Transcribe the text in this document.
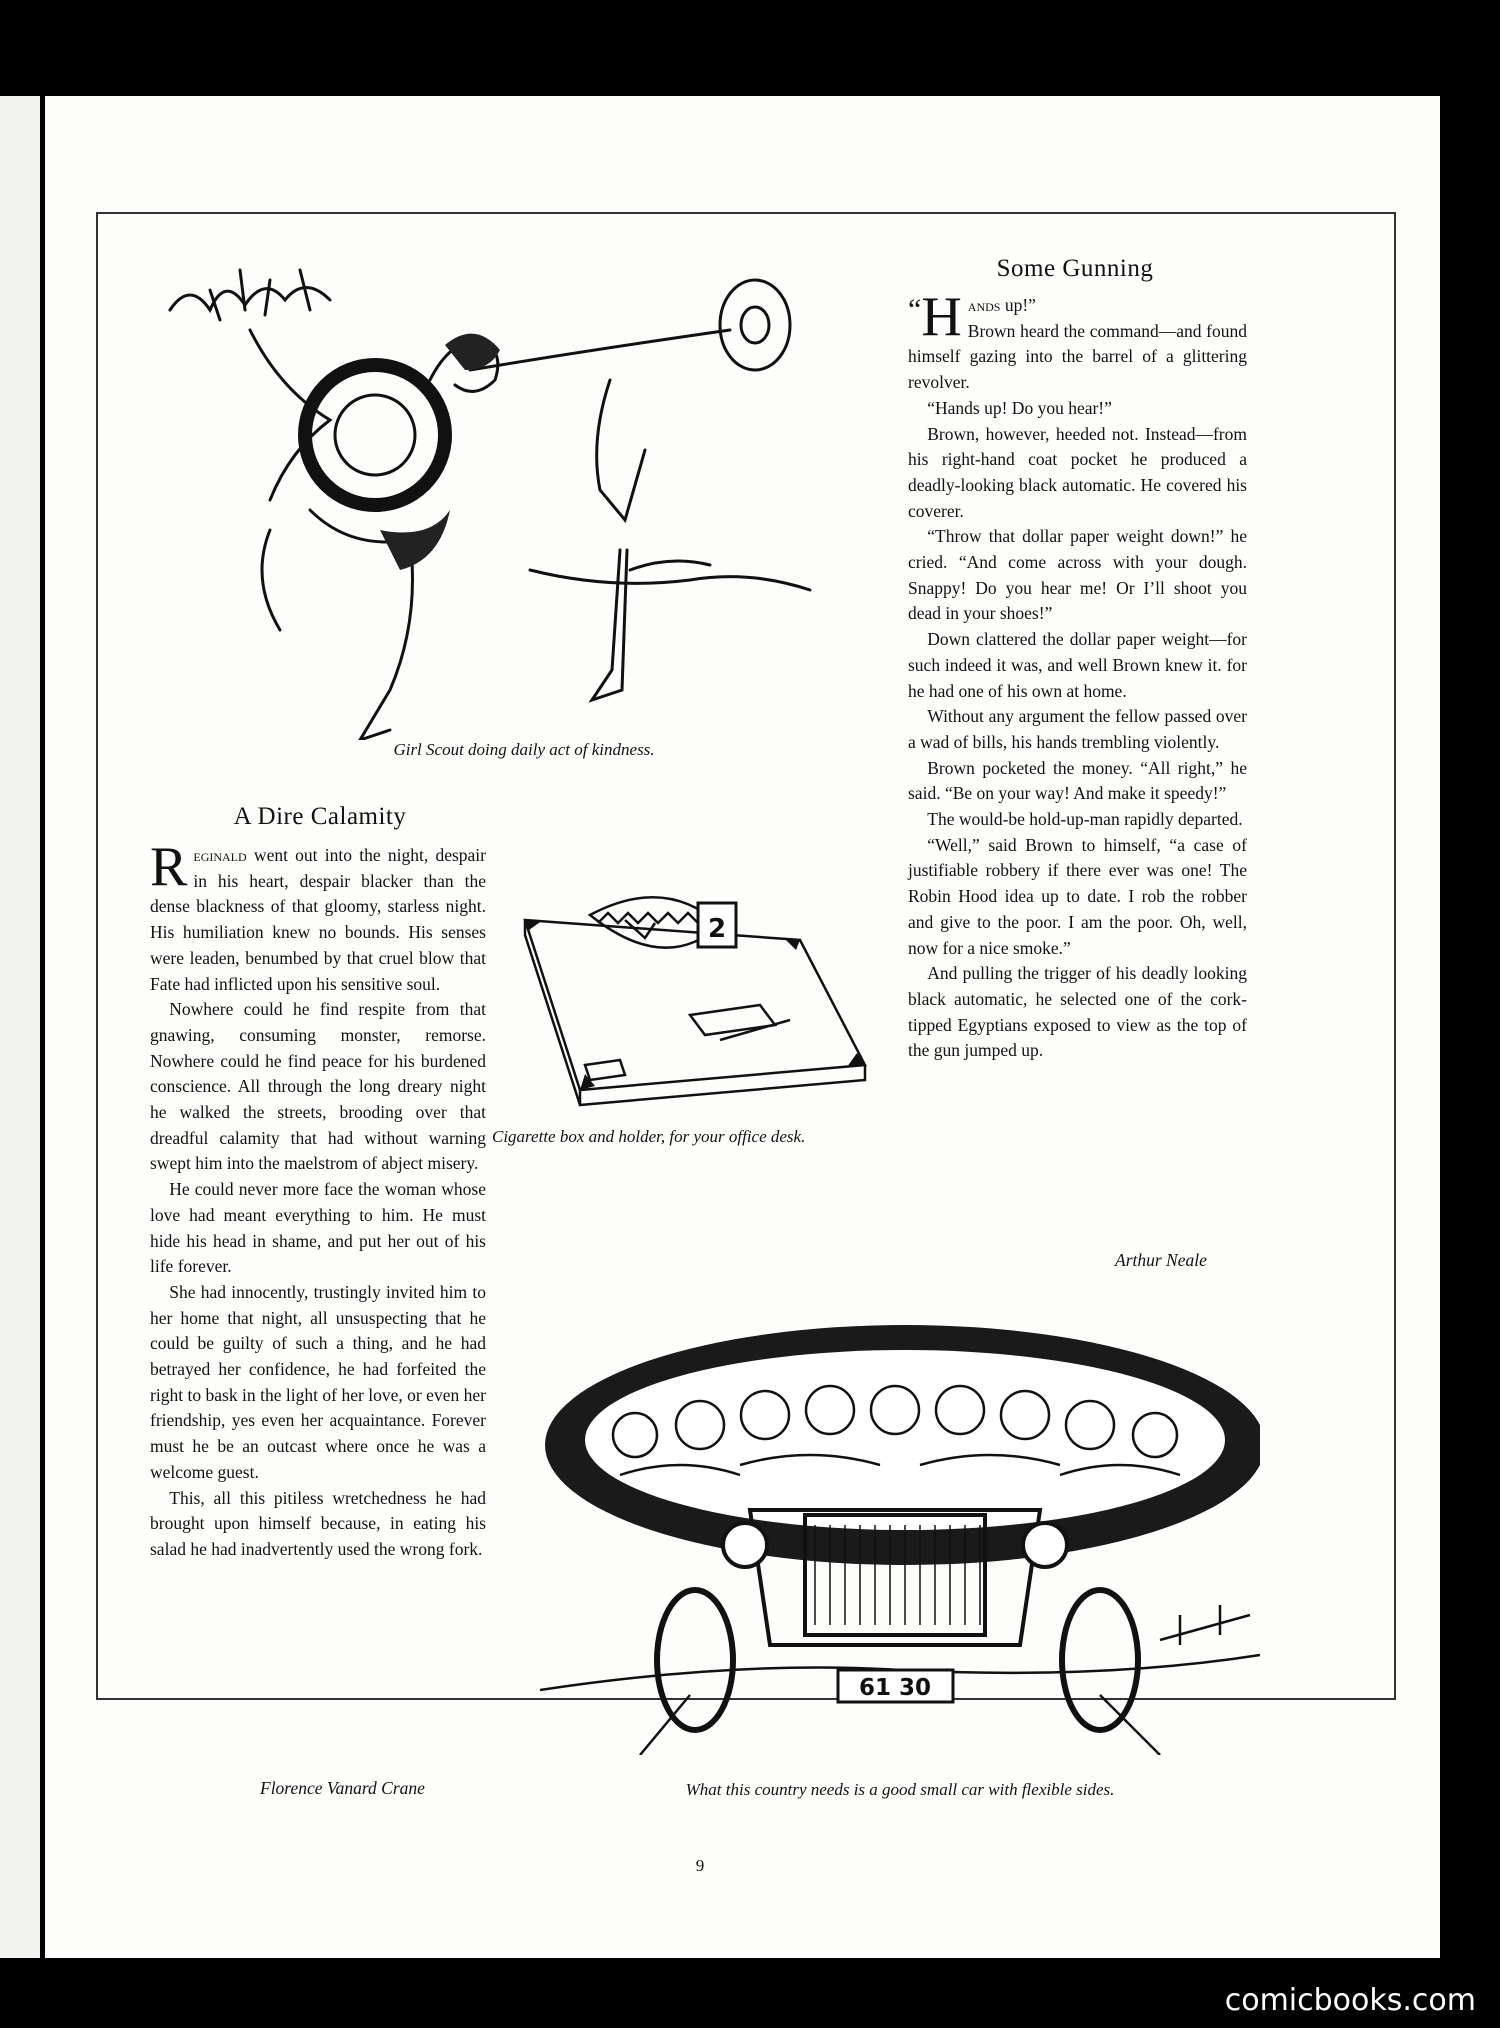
Girl Scout doing daily act of kindness.
A Dire Calamity

Reginald went out into the night, despair in his heart, despair blacker than the dense blackness of that gloomy, starless night. His humiliation knew no bounds. His senses were leaden, benumbed by that cruel blow that Fate had inflicted upon his sensitive soul.

Nowhere could he find respite from that gnawing, consuming monster, remorse. Nowhere could he find peace for his burdened conscience. All through the long dreary night he walked the streets, brooding over that dreadful calamity that had without warning swept him into the maelstrom of abject misery.

He could never more face the woman whose love had meant everything to him. He must hide his head in shame, and put her out of his life forever.

She had innocently, trustingly invited him to her home that night, all unsuspecting that he could be guilty of such a thing, and he had betrayed her confidence, he had forfeited the right to bask in the light of her love, or even her friendship, yes even her acquaintance. Forever must he be an outcast where once he was a welcome guest.

This, all this pitiless wretchedness he had brought upon himself because, in eating his salad he had inadvertently used the wrong fork.

Florence Vanard Crane
2
Cigarette box and holder, for your office desk.
Some Gunning

“ H ands up!”
Brown heard the command—and found himself gazing into the barrel of a glittering revolver.

“Hands up! Do you hear!”

Brown, however, heeded not. Instead—from his right-hand coat pocket he produced a deadly-looking black automatic. He covered his coverer.

“Throw that dollar paper weight down!” he cried. “And come across with your dough. Snappy! Do you hear me! Or I’ll shoot you dead in your shoes!”

Down clattered the dollar paper weight—for such indeed it was, and well Brown knew it. for he had one of his own at home.

Without any argument the fellow passed over a wad of bills, his hands trembling violently.

Brown pocketed the money. “All right,” he said. “Be on your way! And make it speedy!”

The would-be hold-up-man rapidly departed.

“Well,” said Brown to himself, “a case of justifiable robbery if there ever was one! The Robin Hood idea up to date. I rob the robber and give to the poor. I am the poor. Oh, well, now for a nice smoke.”

And pulling the trigger of his deadly looking black automatic, he selected one of the cork-tipped Egyptians exposed to view as the top of the gun jumped up.

Arthur Neale
61 30
What this country needs is a good small car with flexible sides.
9
comicbooks.com
